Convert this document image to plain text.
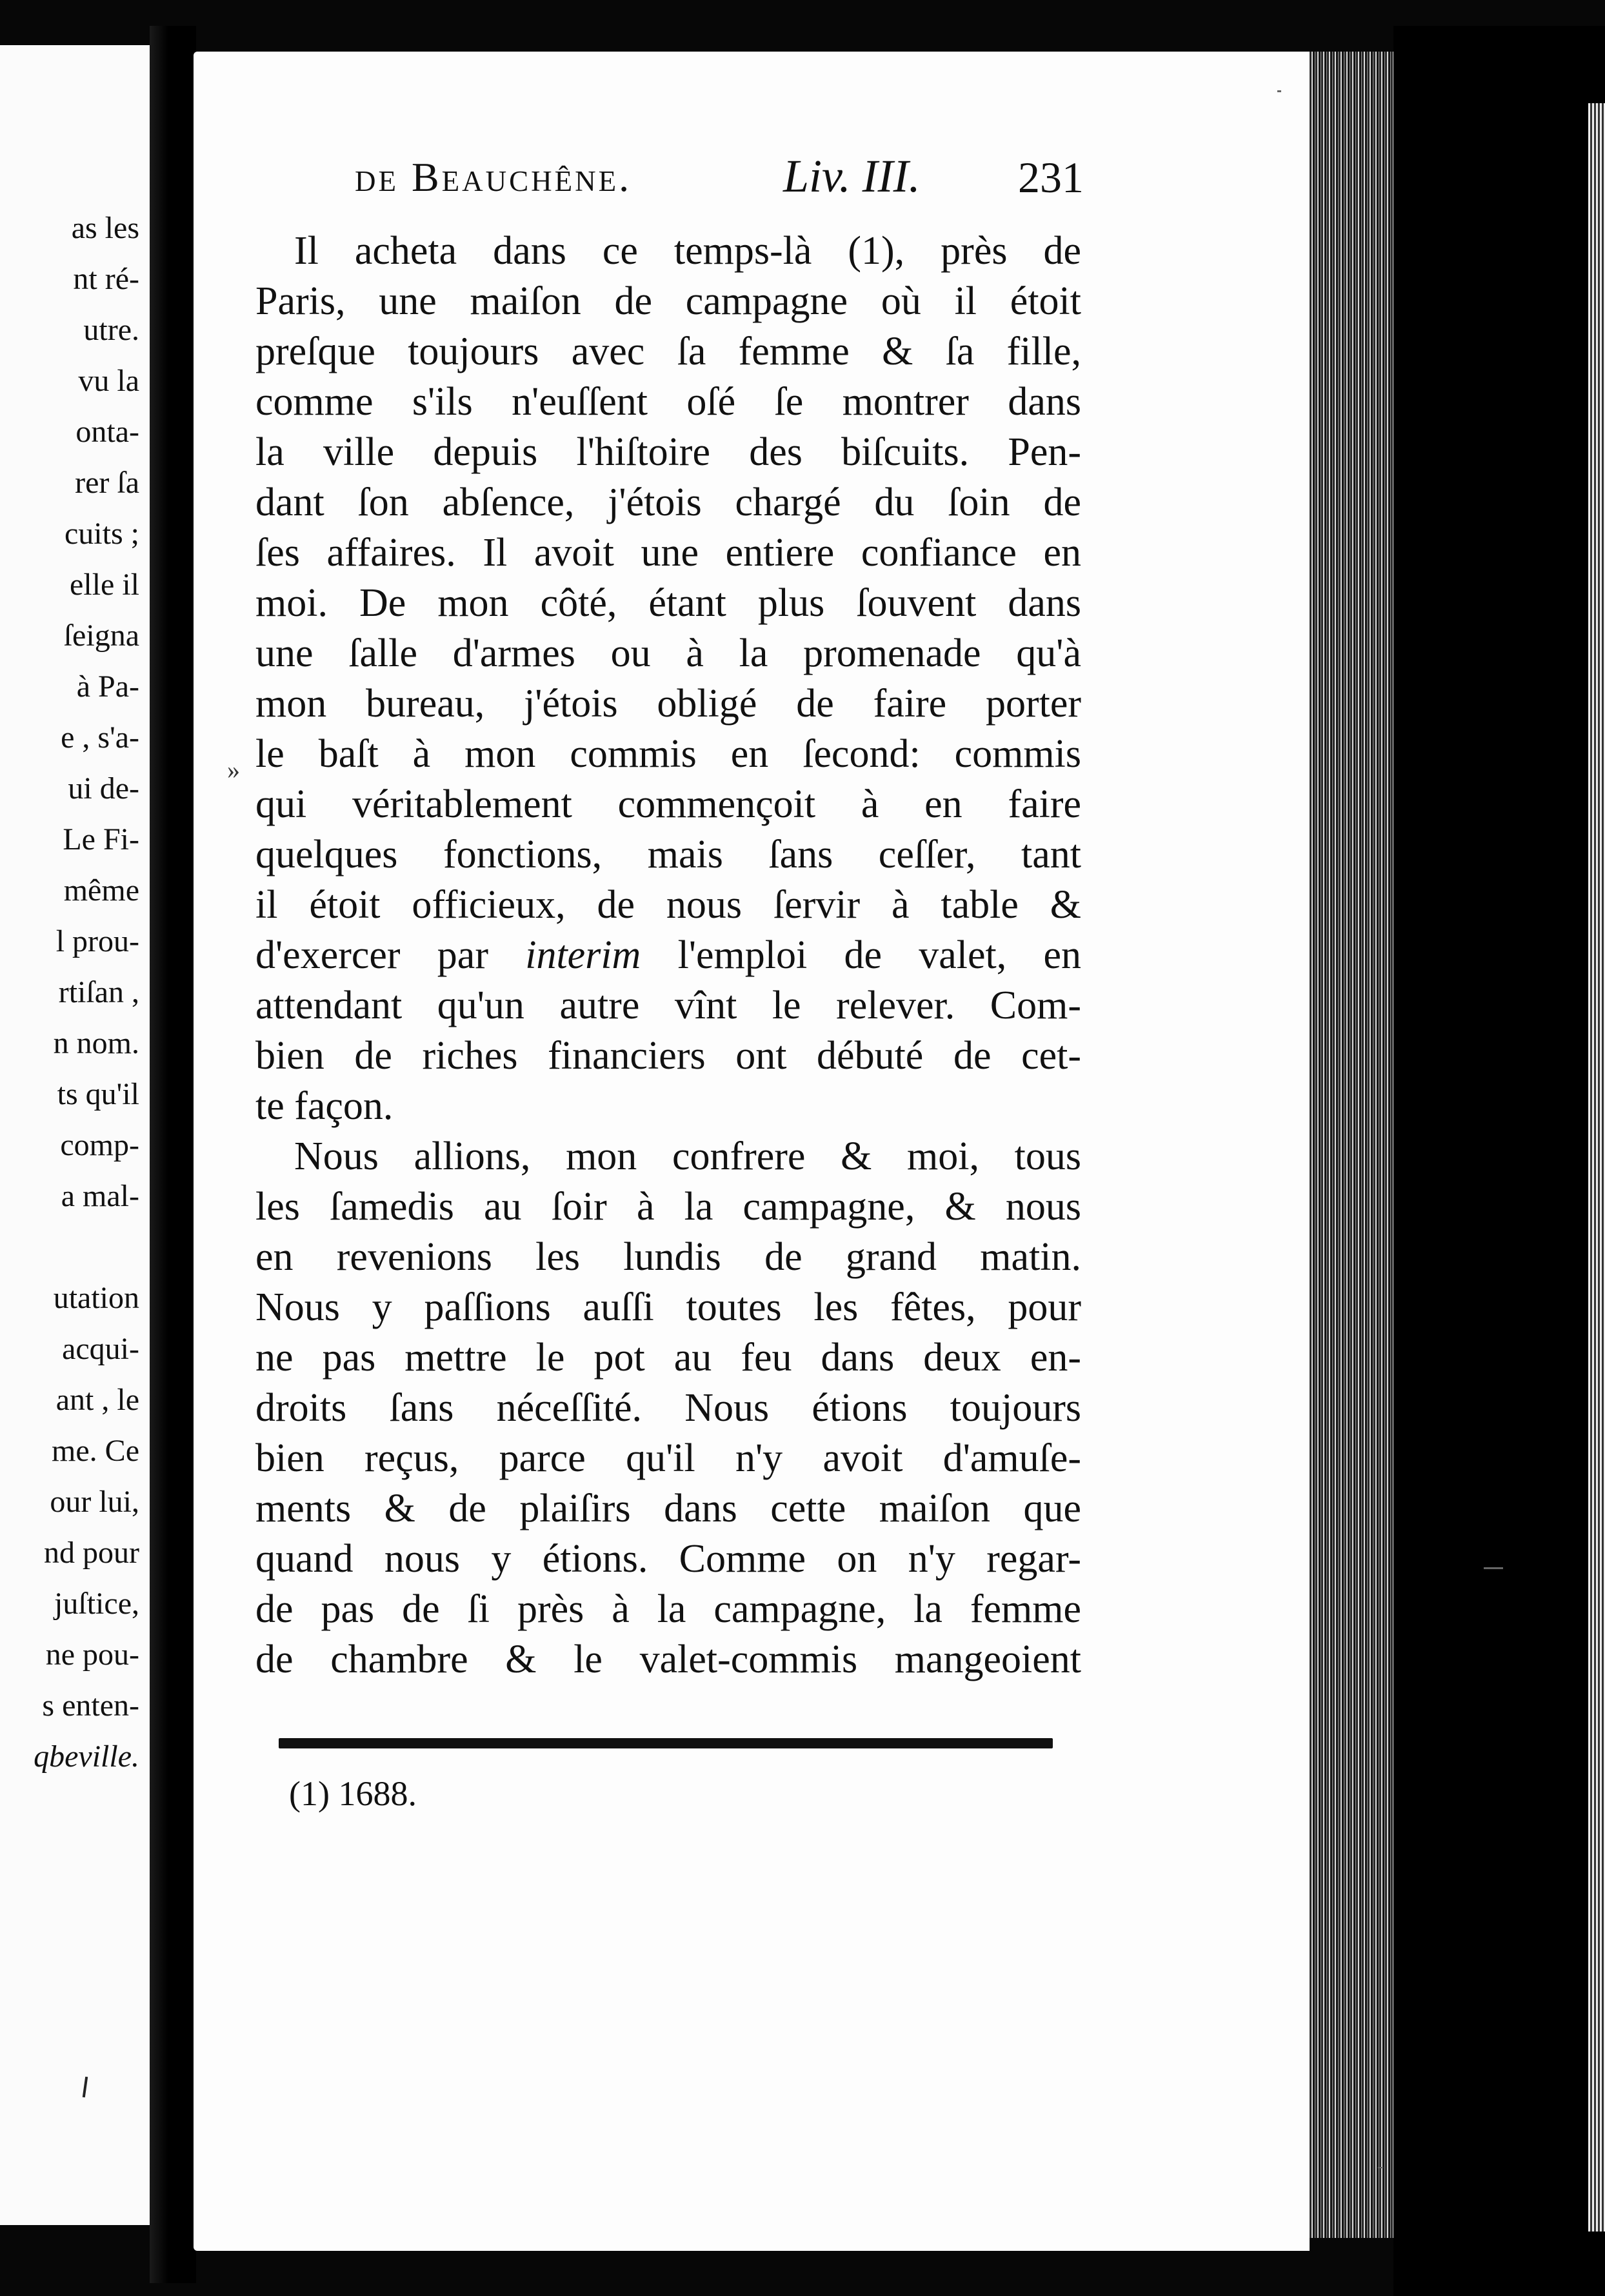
as les
nt ré-
utre.
vu la
onta-
rer ſa
cuits ;
elle il
ſeigna
à Pa-
e , s'a-
ui de-
Le Fi-
même
l prou-
rtiſan ,
n nom.
ts qu'il
comp-
a mal-
utation
acqui-
ant , le
me. Ce
our lui,
nd pour
juſtice,
ne pou-
s enten-
qbeville.
de Beauchêne.	Liv. III. 231
»
Il acheta dans ce temps-là (1), près de
Paris, une maiſon de campagne où il étoit
preſque toujours avec ſa femme & ſa fille,
comme s'ils n'euſſent oſé ſe montrer dans
la ville depuis l'hiſtoire des biſcuits. Pen-
dant ſon abſence, j'étois chargé du ſoin de
ſes affaires. Il avoit une entiere confiance en
moi. De mon côté, étant plus ſouvent dans
une ſalle d'armes ou à la promenade qu'à
mon bureau, j'étois obligé de faire porter
le baſt à mon commis en ſecond: commis
qui véritablement commençoit à en faire
quelques fonctions, mais ſans ceſſer, tant
il étoit officieux, de nous ſervir à table &
d'exercer par interim l'emploi de valet, en
attendant qu'un autre vînt le relever. Com-
bien de riches financiers ont débuté de cet-
te façon.
Nous allions, mon confrere & moi, tous
les ſamedis au ſoir à la campagne, & nous
en revenions les lundis de grand matin.
Nous y paſſions auſſi toutes les fêtes, pour
ne pas mettre le pot au feu dans deux en-
droits ſans néceſſité. Nous étions toujours
bien reçus, parce qu'il n'y avoit d'amuſe-
ments & de plaiſirs dans cette maiſon que
quand nous y étions. Comme on n'y regar-
de pas de ſi près à la campagne, la femme
de chambre & le valet-commis mangeoient
(1) 1688.
